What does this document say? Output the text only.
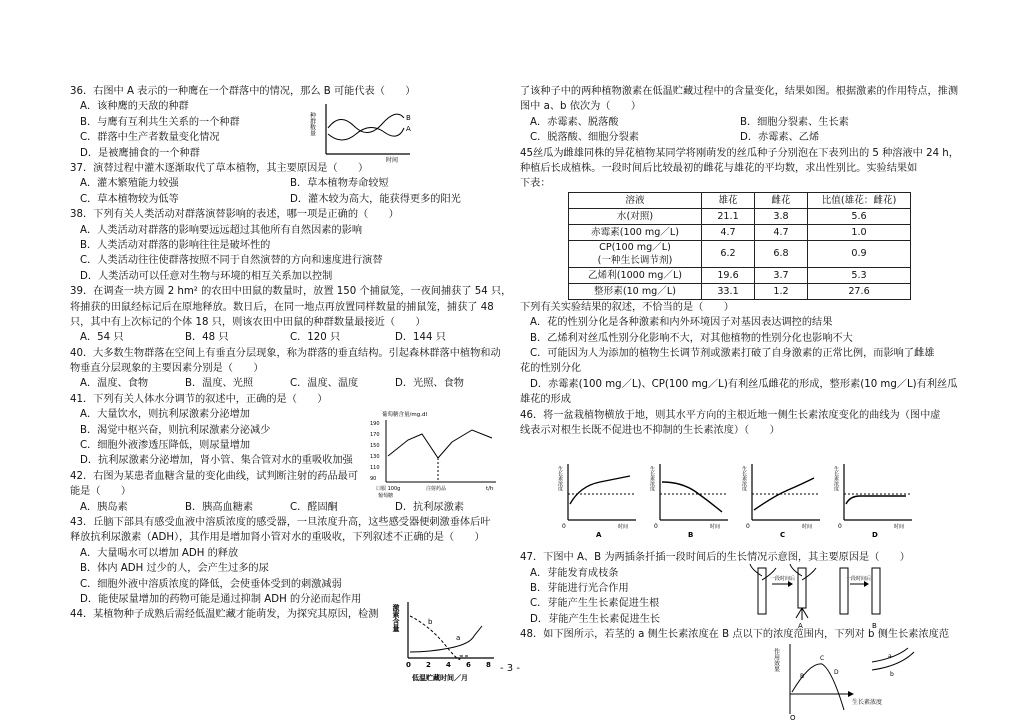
36．右图中 A 表示的一种鹰在一个群落中的情况，那么 B 可能代表（　　）
A．该种鹰的天敌的种群
B．与鹰有互利共生关系的一个种群
C．群落中生产者数量变化情况
D．是被鹰捕食的一个种群
37．演替过程中灌木逐渐取代了草本植物，其主要原因是（　　）
A．灌木繁殖能力较强	B．草本植物寿命较短
C．草本植物较为低等	D．灌木较为高大，能获得更多的阳光
38．下列有关人类活动对群落演替影响的表述，哪一项是正确的（　　）
A．人类活动对群落的影响要远远超过其他所有自然因素的影响
B．人类活动对群落的影响往往是破坏性的
C．人类活动往往使群落按照不同于自然演替的方向和速度进行演替
D．人类活动可以任意对生物与环境的相互关系加以控制
39．在调查一块方圆 2 hm² 的农田中田鼠的数量时，放置 150 个捕鼠笼，一夜间捕获了 54 只，
将捕获的田鼠经标记后在原地释放。数日后，在同一地点再放置同样数量的捕鼠笼，捕获了 48
只，其中有上次标记的个体 18 只，则该农田中田鼠的种群数量最接近（　　）
A．54 只	B．48 只	C．120 只	D．144 只
40．大多数生物群落在空间上有垂直分层现象，称为群落的垂直结构。引起森林群落中植物和动
物垂直分层现象的主要因素分别是（　　）
A．温度、食物	B．温度、光照	C．温度、温度	D．光照、食物
41．下列有关人体水分调节的叙述中，正确的是（　　）
A．大量饮水，则抗利尿激素分泌增加
B．渴觉中枢兴奋，则抗利尿激素分泌减少
C．细胞外液渗透压降低，则尿量增加
D．抗利尿激素分泌增加，肾小管、集合管对水的重吸收加强
42．右图为某患者血糖含量的变化曲线，试判断注射的药品最可
能是（　　）
A．胰岛素	B．胰高血糖素	C．醛固酮	D．抗利尿激素
43．丘脑下部具有感受血液中溶质浓度的感受器，一旦浓度升高，这些感受器便刺激垂体后叶
释放抗利尿激素（ADH），其作用是增加肾小管对水的重吸收，下列叙述不正确的是（　　）
A．大量喝水可以增加 ADH 的释放
B．体内 ADH 过少的人，会产生过多的尿
C．细胞外液中溶质浓度的降低，会使垂体受到的刺激减弱
D．能使尿量增加的药物可能是通过抑制 ADH 的分泌而起作用
44．某植物种子成熟后需经低温贮藏才能萌发，为探究其原因，检测
了该种子中的两种植物激素在低温贮藏过程中的含量变化，结果如图。根据激素的作用特点，推测
图中 a、b 依次为（　　）
A．赤霉素、脱落酸	B．细胞分裂素、生长素
C．脱落酸、细胞分裂素	D．赤霉素、乙烯
45丝瓜为雌雄同株的异花植物某同学将刚萌发的丝瓜种子分别泡在下表列出的 5 种溶液中 24 h，
种植后长成植株。一段时间后比较最初的雌花与雄花的平均数，求出性别比。实验结果如
下表：
溶液	雄花	雌花	比值(雄花：雌花)
水(对照)	21.1	3.8	5.6
赤霉素(100 mg／L)	4.7	4.7	1.0
CP(100 mg／L)
(一种生长调节剂)	6.2	6.8	0.9
乙烯利(1000 mg／L)	19.6	3.7	5.3
整形素(10 mg／L)	33.1	1.2	27.6
下列有关实验结果的叙述，不恰当的是（　　）
A．花的性别分化是各种激素和内外环境因子对基因表达调控的结果
B．乙烯利对丝瓜性别分化影响不大，对其他植物的性别分化也影响不大
C．可能因为人为添加的植物生长调节剂或激素打破了自身激素的正常比例，而影响了雌雄
花的性别分化
D．赤霉素(100 mg／L)、CP(100 mg／L)有利丝瓜雌花的形成，整形素(10 mg／L)有利丝瓜
雄花的形成
46．将一盆栽植物横放于地，则其水平方向的主根近地一侧生长素浓度变化的曲线为（图中虚
线表示对根生长既不促进也不抑制的生长素浓度）（　　）
47．下图中 A、B 为两插条扦插一段时间后的生长情况示意图，其主要原因是（　　）
A．芽能发育成枝条
B．芽能进行光合作用
C．芽能产生生长素促进生根
D．芽能产生生长素促进生长
48．如下图所示，若茎的 a 侧生长素浓度在 B 点以下的浓度范围内，下列对 b 侧生长素浓度范
种群数量
时间
B
A
葡萄糖含量/mg.dl
190
170
150
130
110
90
t/h
口服 100g
葡萄糖
注射药品
激素含量	b
a
0 2 4 6 8
低温贮藏时间／月
生长素浓度
0	时间
A
生长素浓度
0	时间
B
生长素浓度
0	时间
C
生长素浓度
0	时间
D
一段时间后
A
一段时间后
B
作用效果
O
B
C
D
生长素浓度
a
b
- 3 -
